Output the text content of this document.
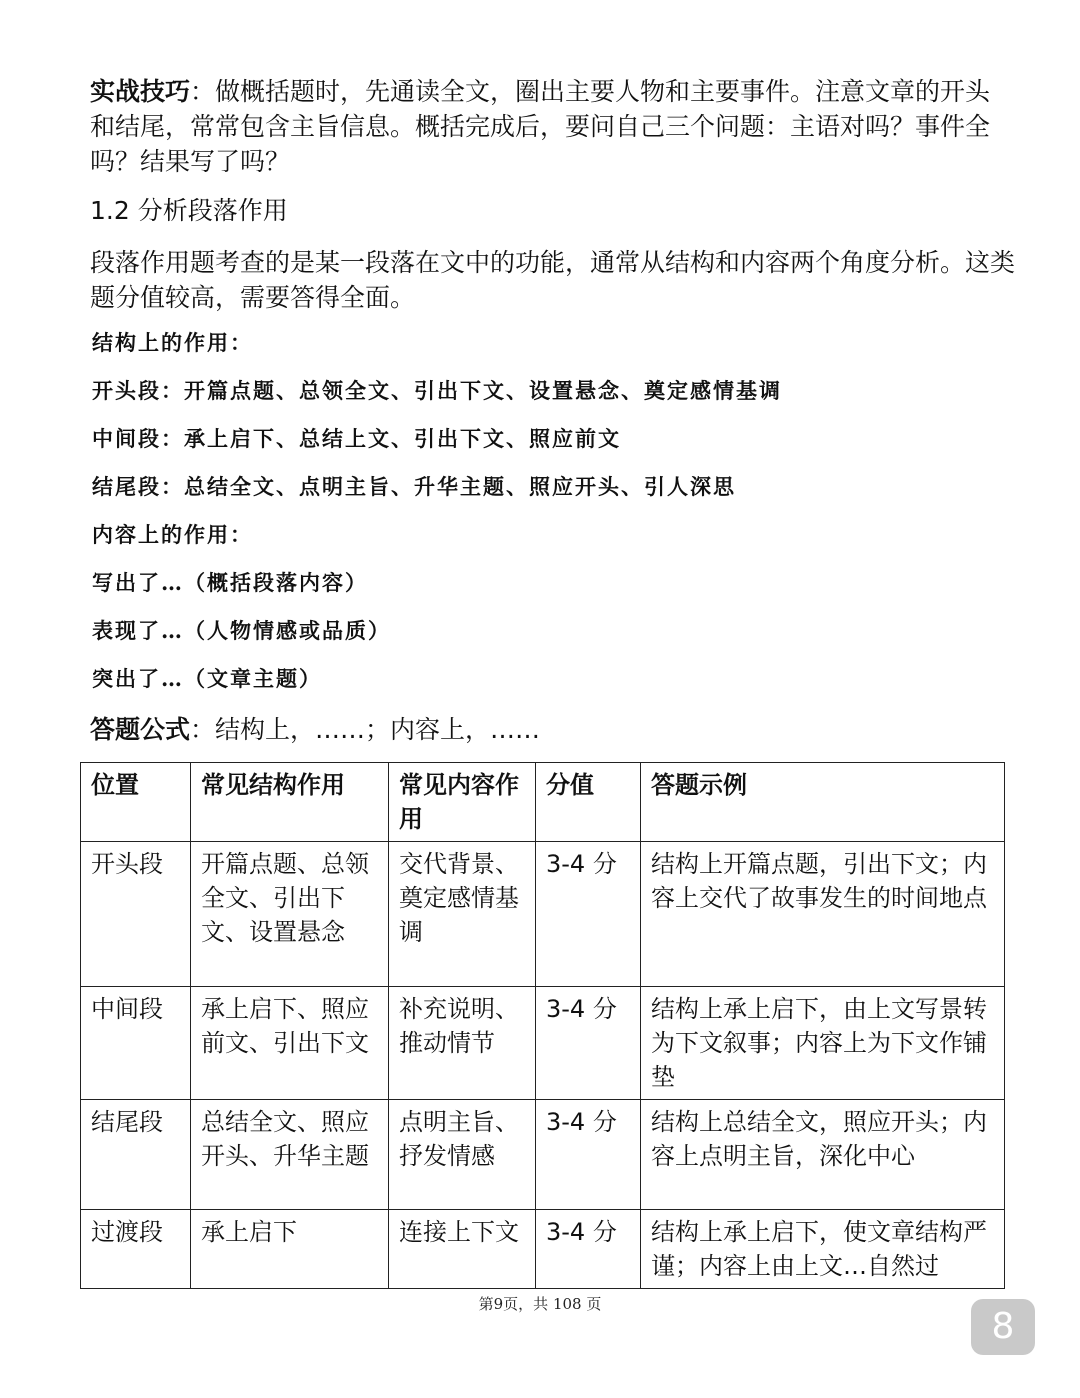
实战技巧：做概括题时，先通读全文，圈出主要人物和主要事件。注意文章的开头和结尾，常常包含主旨信息。概括完成后，要问自己三个问题：主语对吗？事件全吗？结果写了吗？
1.2 分析段落作用
段落作用题考查的是某一段落在文中的功能，通常从结构和内容两个角度分析。这类题分值较高，需要答得全面。
结构上的作用：
开头段：开篇点题、总领全文、引出下文、设置悬念、奠定感情基调
中间段：承上启下、总结上文、引出下文、照应前文
结尾段：总结全文、点明主旨、升华主题、照应开头、引人深思
内容上的作用：
写出了…（概括段落内容）
表现了…（人物情感或品质）
突出了…（文章主题）
答题公式：结构上，……；内容上，……
位置	常见结构作用	常见内容作用	分值	答题示例
开头段	开篇点题、总领全文、引出下文、设置悬念	交代背景、奠定感情基调	3-4 分	结构上开篇点题，引出下文；内容上交代了故事发生的时间地点
中间段	承上启下、照应前文、引出下文	补充说明、推动情节	3-4 分	结构上承上启下，由上文写景转为下文叙事；内容上为下文作铺垫
结尾段	总结全文、照应开头、升华主题	点明主旨、抒发情感	3-4 分	结构上总结全文，照应开头；内容上点明主旨，深化中心
过渡段	承上启下	连接上下文	3-4 分	结构上承上启下，使文章结构严谨；内容上由上文…自然过
第9页，共 108 页
8
